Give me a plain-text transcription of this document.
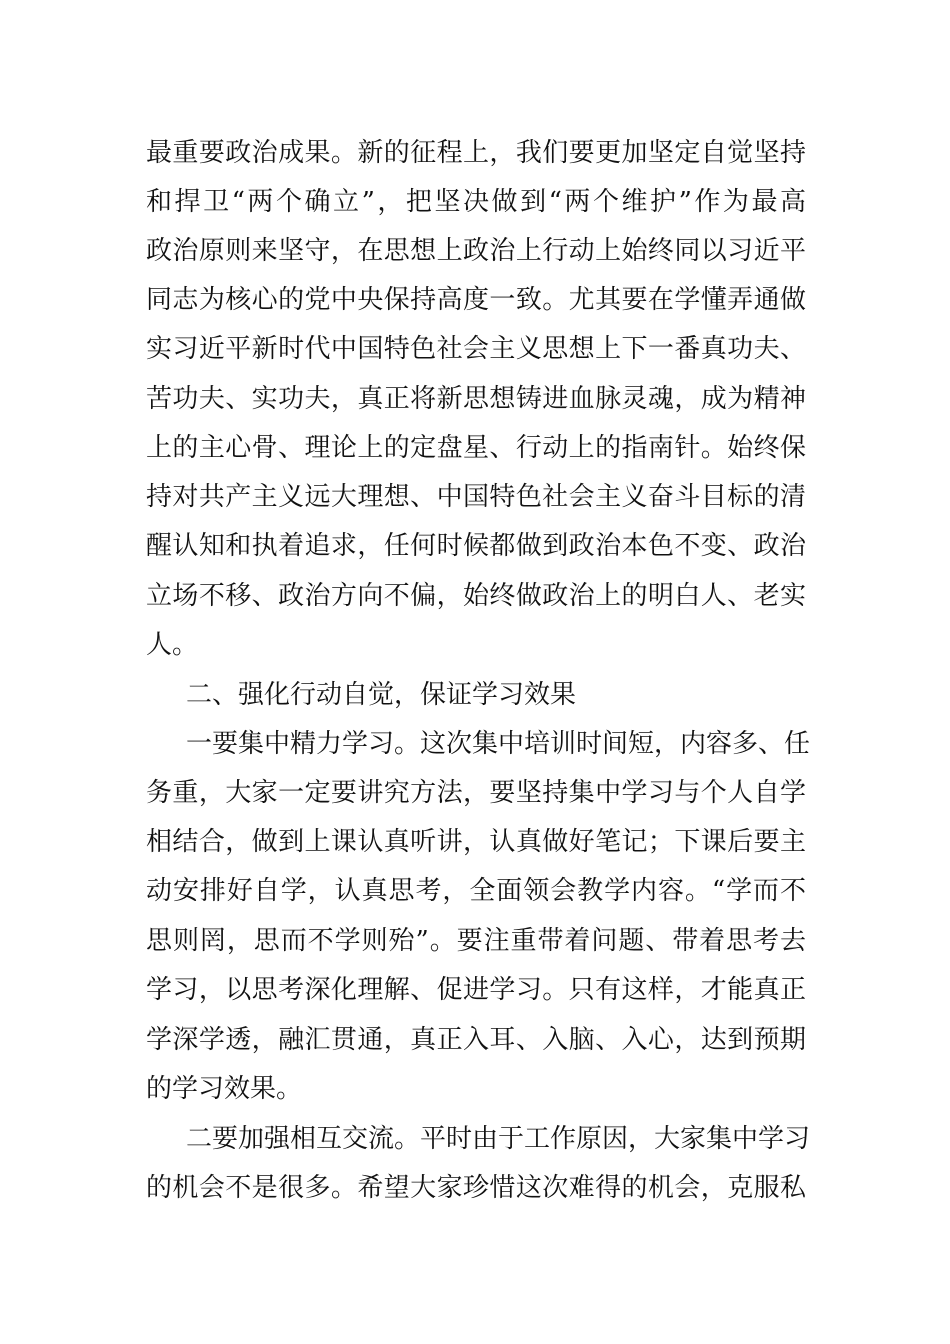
最重要政治成果。新的征程上，我们要更加坚定自觉坚持
和捍卫“两个确立”，把坚决做到“两个维护”作为最高
政治原则来坚守，在思想上政治上行动上始终同以习近平
同志为核心的党中央保持高度一致。尤其要在学懂弄通做
实习近平新时代中国特色社会主义思想上下一番真功夫、
苦功夫、实功夫，真正将新思想铸进血脉灵魂，成为精神
上的主心骨、理论上的定盘星、行动上的指南针。始终保
持对共产主义远大理想、中国特色社会主义奋斗目标的清
醒认知和执着追求，任何时候都做到政治本色不变、政治
立场不移、政治方向不偏，始终做政治上的明白人、老实
人。
二、强化行动自觉，保证学习效果
一要集中精力学习。这次集中培训时间短，内容多、任
务重，大家一定要讲究方法，要坚持集中学习与个人自学
相结合，做到上课认真听讲，认真做好笔记；下课后要主
动安排好自学，认真思考，全面领会教学内容。“学而不
思则罔，思而不学则殆”。要注重带着问题、带着思考去
学习，以思考深化理解、促进学习。只有这样，才能真正
学深学透，融汇贯通，真正入耳、入脑、入心，达到预期
的学习效果。
二要加强相互交流。平时由于工作原因，大家集中学习
的机会不是很多。希望大家珍惜这次难得的机会，克服私
